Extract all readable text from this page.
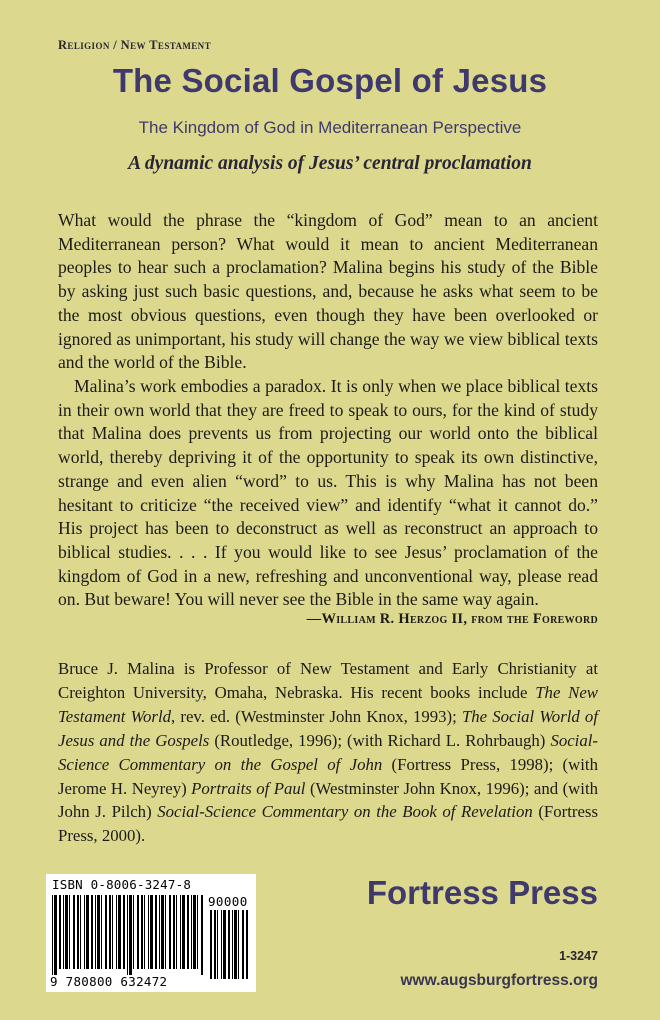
Religion / New Testament
The Social Gospel of Jesus
The Kingdom of God in Mediterranean Perspective
A dynamic analysis of Jesus’ central proclamation

What would the phrase the “kingdom of God” mean to an ancient Mediterranean person? What would it mean to ancient Mediterranean peoples to hear such a proclamation? Malina begins his study of the Bible by asking just such basic questions, and, because he asks what seem to be the most obvious questions, even though they have been overlooked or ignored as unimportant, his study will change the way we view biblical texts and the world of the Bible.

Malina’s work embodies a paradox. It is only when we place biblical texts in their own world that they are freed to speak to ours, for the kind of study that Malina does prevents us from projecting our world onto the biblical world, thereby depriving it of the opportunity to speak its own distinctive, strange and even alien “word” to us. This is why Malina has not been hesitant to criticize “the received view” and identify “what it cannot do.” His project has been to deconstruct as well as reconstruct an approach to biblical studies. . . . If you would like to see Jesus’ proclamation of the kingdom of God in a new, refreshing and unconventional way, please read on. But beware! You will never see the Bible in the same way again.

—William R. Herzog II, from the Foreword
Bruce J. Malina is Professor of New Testament and Early Christianity at Creighton University, Omaha, Nebraska. His recent books include The New Testament World, rev. ed. (Westminster John Knox, 1993); The Social World of Jesus and the Gospels (Routledge, 1996); (with Richard L. Rohrbaugh) Social-Science Commentary on the Gospel of John (Fortress Press, 1998); (with Jerome H. Neyrey) Portraits of Paul (Westminster John Knox, 1996); and (with John J. Pilch) Social-Science Commentary on the Book of Revelation (Fortress Press, 2000).
ISBN 0-8006-3247-8
9 780800 632472
90000	Fortress Press
1-3247
www.augsburgfortress.org
